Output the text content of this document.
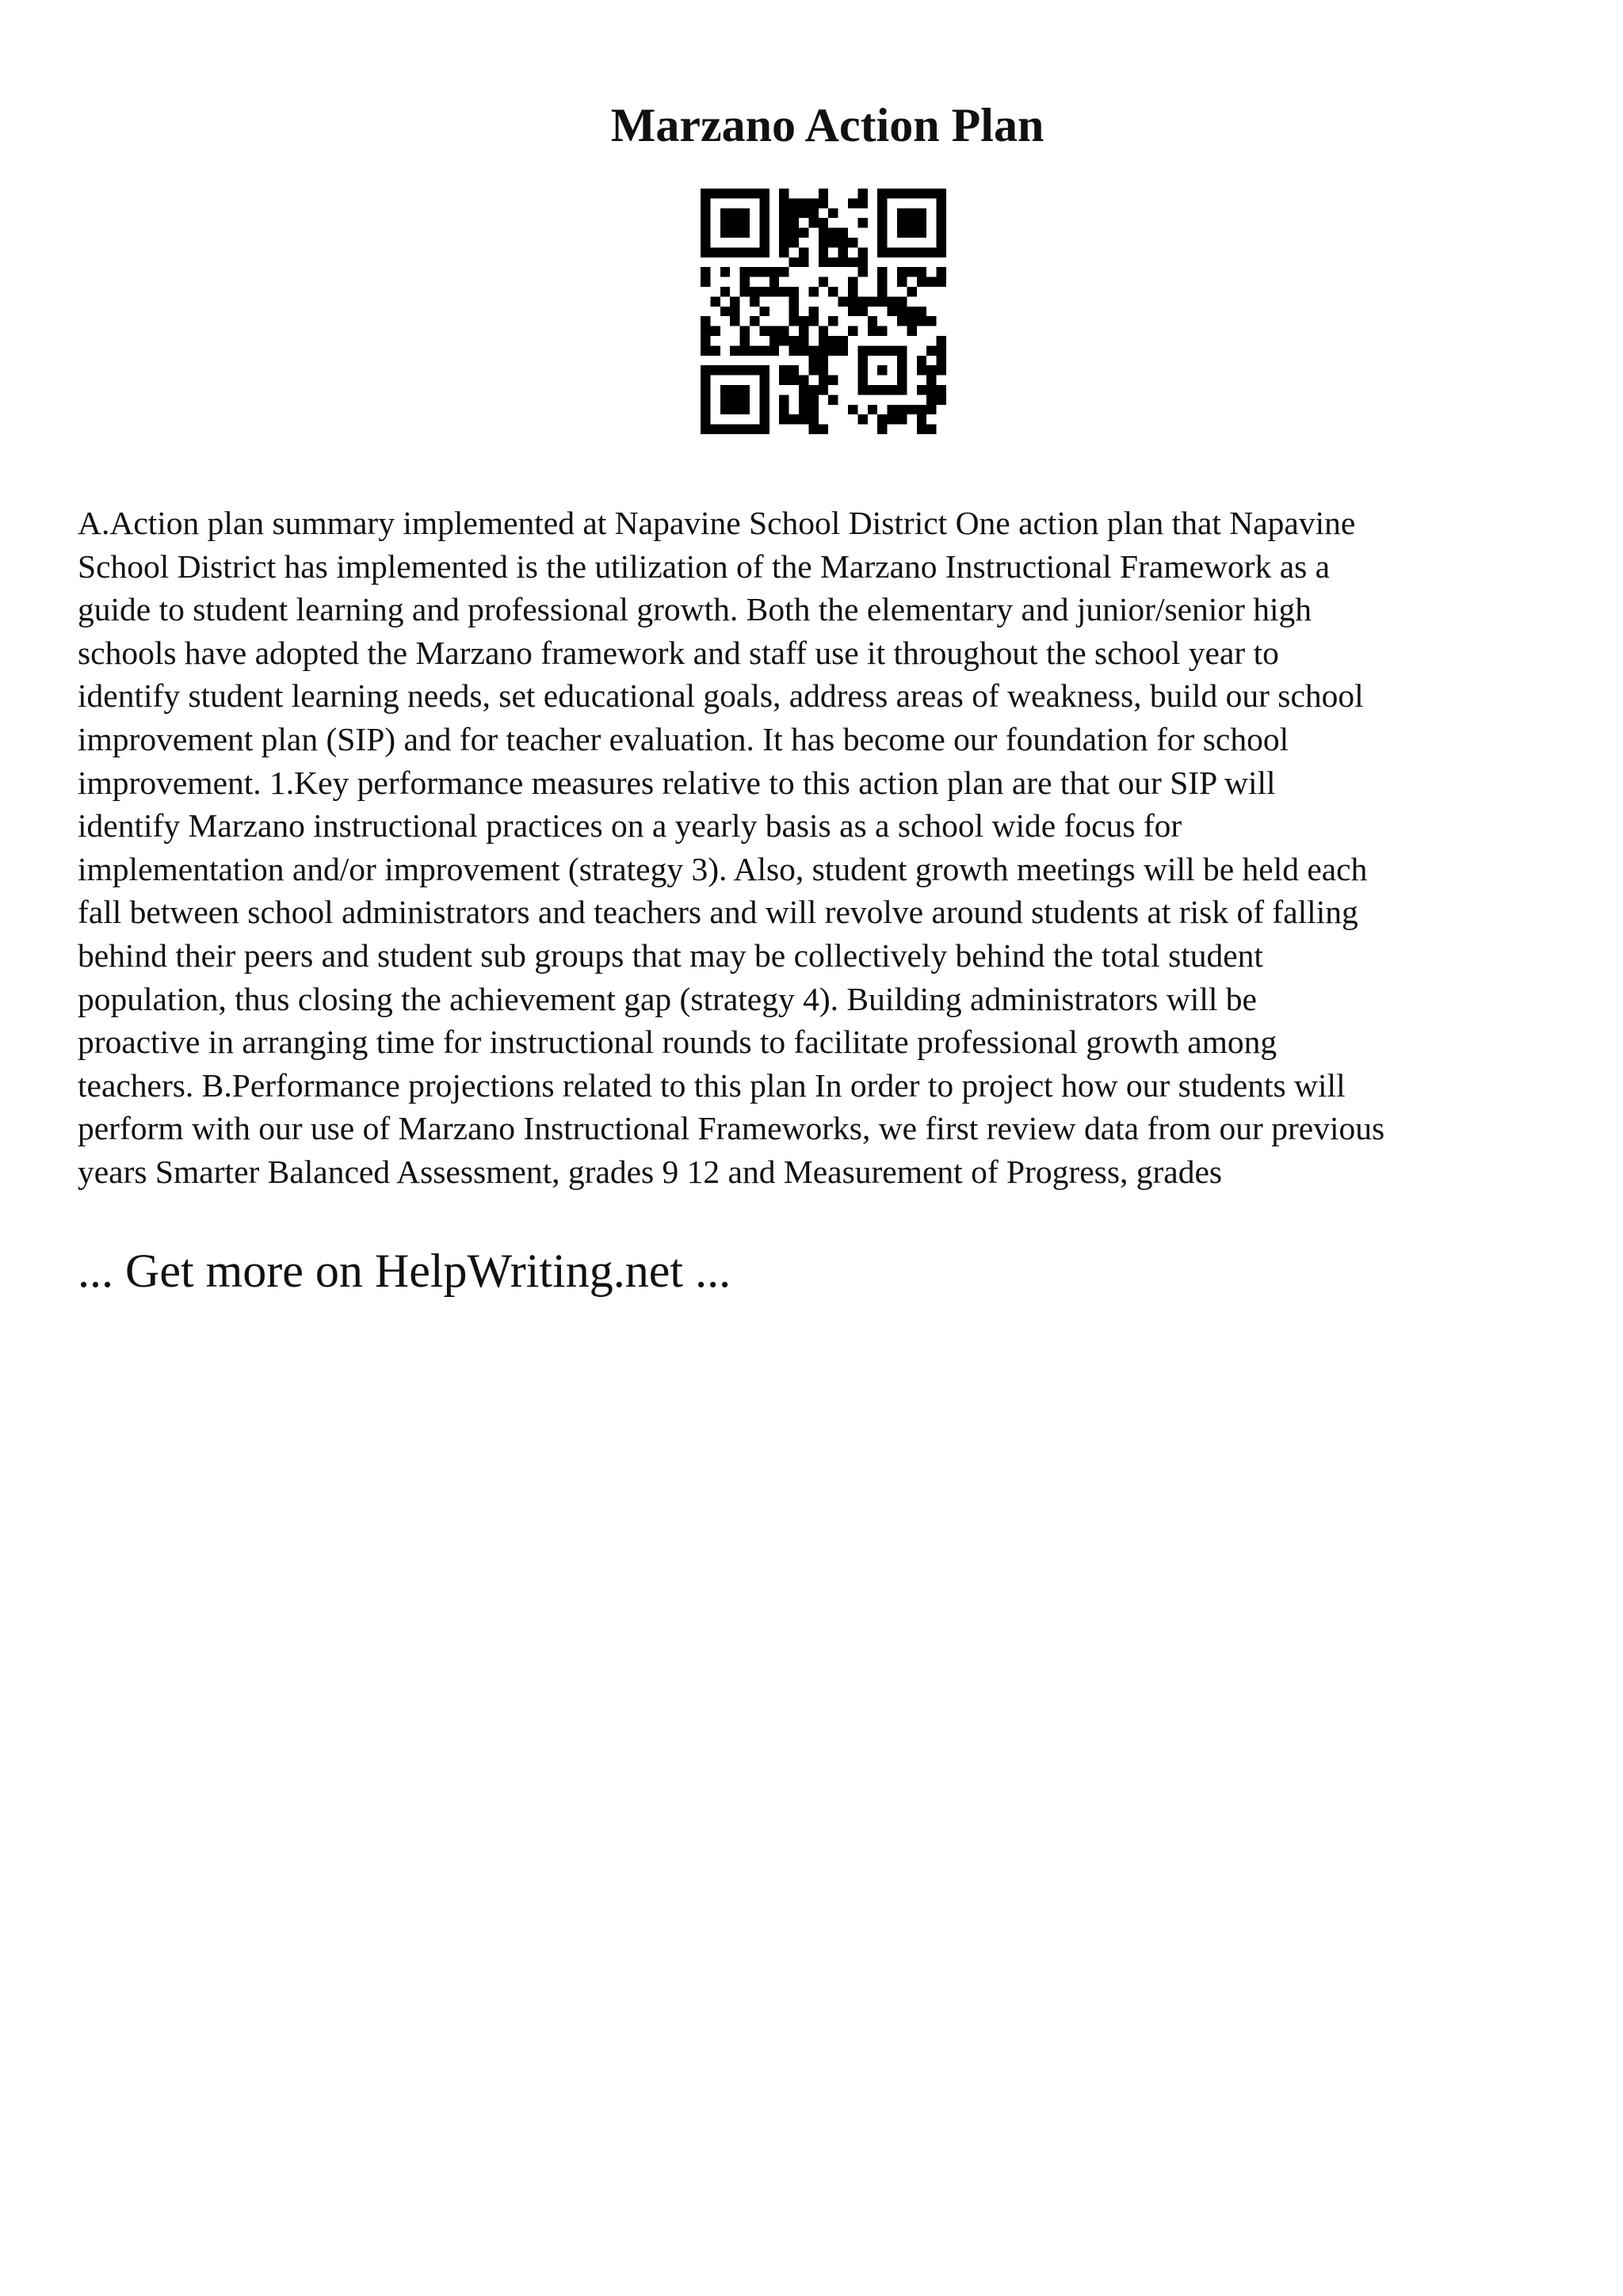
Marzano Action Plan

A.Action plan summary implemented at Napavine School District One action plan that Napavine
School District has implemented is the utilization of the Marzano Instructional Framework as a
guide to student learning and professional growth. Both the elementary and junior/senior high
schools have adopted the Marzano framework and staff use it throughout the school year to
identify student learning needs, set educational goals, address areas of weakness, build our school
improvement plan (SIP) and for teacher evaluation. It has become our foundation for school
improvement. 1.Key performance measures relative to this action plan are that our SIP will
identify Marzano instructional practices on a yearly basis as a school wide focus for
implementation and/or improvement (strategy 3). Also, student growth meetings will be held each
fall between school administrators and teachers and will revolve around students at risk of falling
behind their peers and student sub groups that may be collectively behind the total student
population, thus closing the achievement gap (strategy 4). Building administrators will be
proactive in arranging time for instructional rounds to facilitate professional growth among
teachers. B.Performance projections related to this plan In order to project how our students will
perform with our use of Marzano Instructional Frameworks, we first review data from our previous
years Smarter Balanced Assessment, grades 9 12 and Measurement of Progress, grades

... Get more on HelpWriting.net ...
